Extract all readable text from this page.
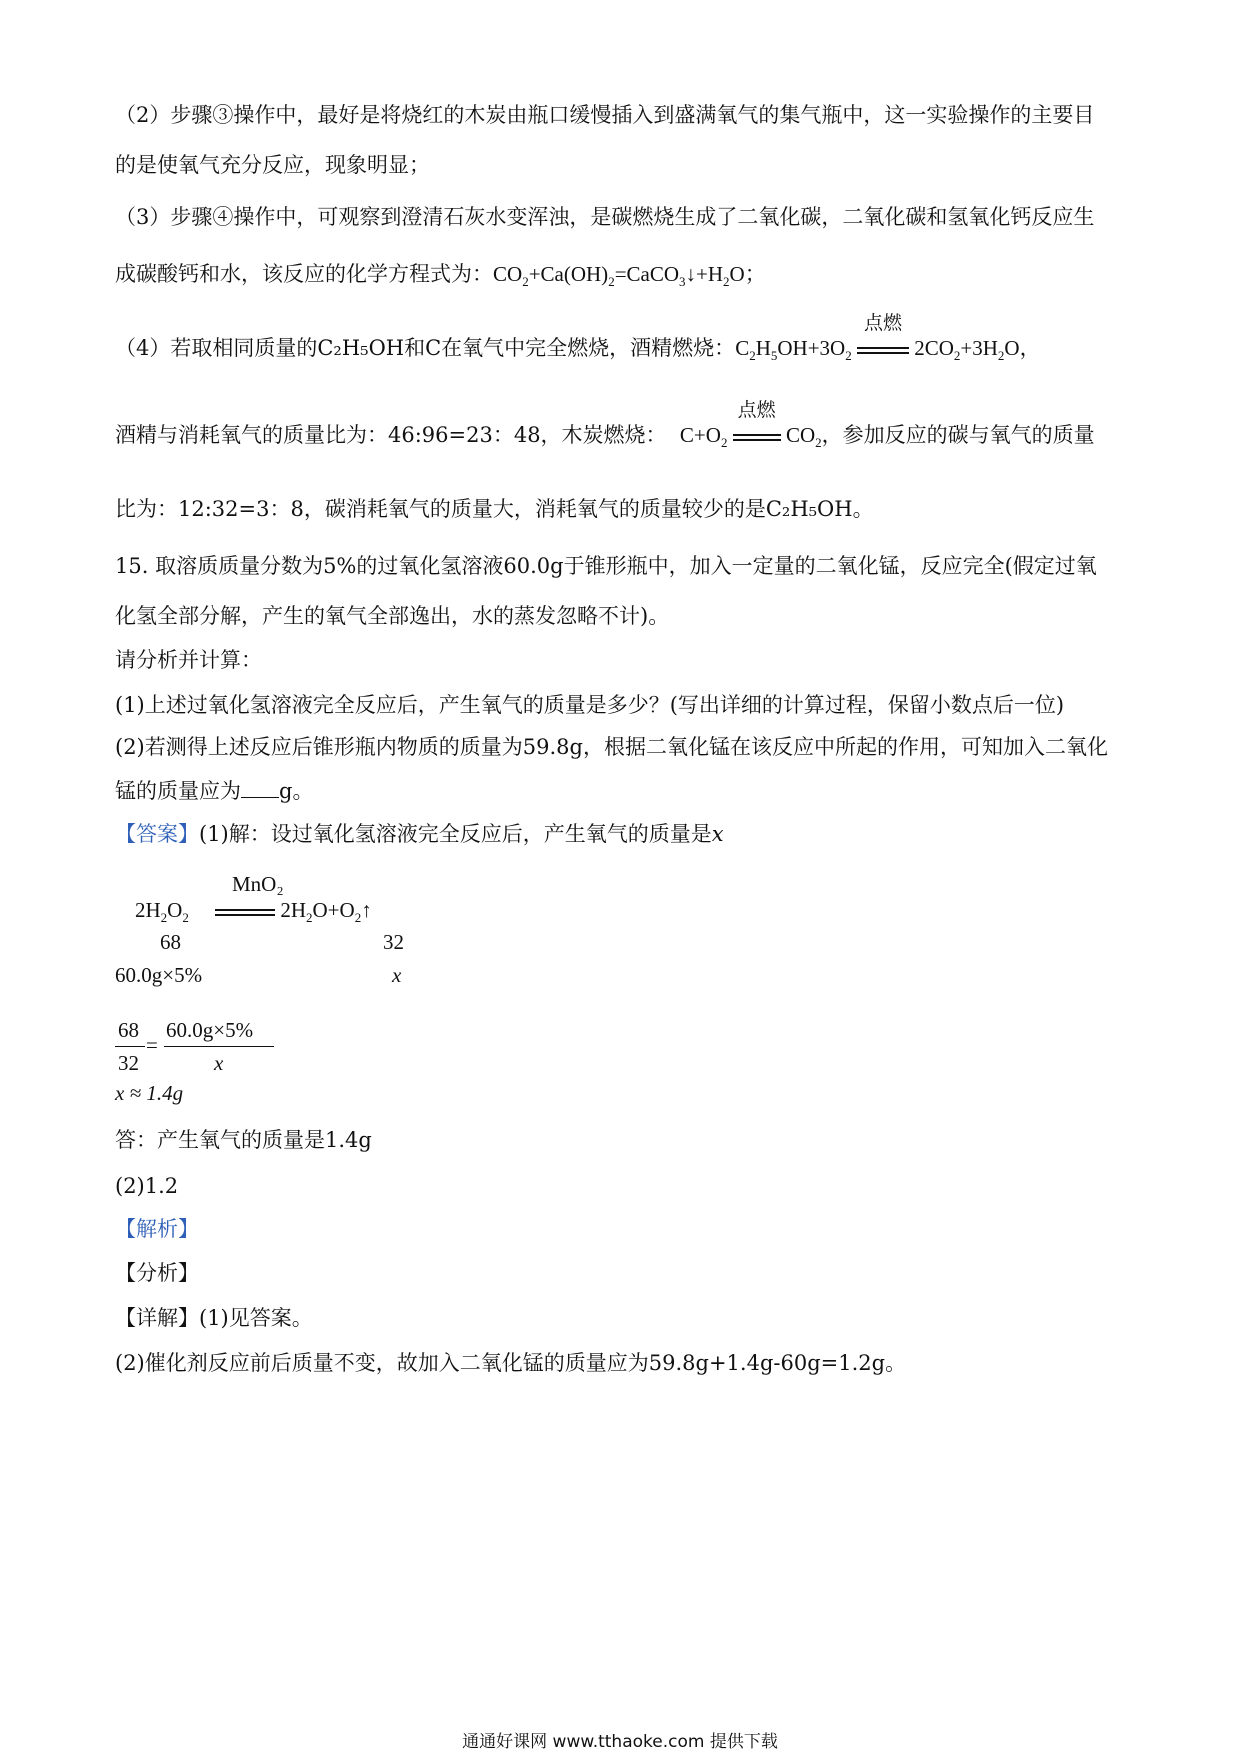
（2）步骤③操作中，最好是将烧红的木炭由瓶口缓慢插入到盛满氧气的集气瓶中，这一实验操作的主要目
的是使氧气充分反应，现象明显；
（3）步骤④操作中，可观察到澄清石灰水变浑浊，是碳燃烧生成了二氧化碳，二氧化碳和氢氧化钙反应生
成碳酸钙和水，该反应的化学方程式为：$CO_2+Ca(OH)_2=CaCO_3↓+H_2O$；
（4）若取相同质量的C₂H₅OH和C在氧气中完全燃烧，酒精燃烧：$C_2H_5OH+3O_2$
点燃
$2CO_2+3H_2O$，
酒精与消耗氧气的质量比为：46:96=23：48，木炭燃烧： $C+O_2$
点燃
$CO_2$，参加反应的碳与氧气的质量
比为：12:32=3：8，碳消耗氧气的质量大，消耗氧气的质量较少的是C₂H₅OH。
15. 取溶质质量分数为5%的过氧化氢溶液60.0g于锥形瓶中，加入一定量的二氧化锰，反应完全(假定过氧
化氢全部分解，产生的氧气全部逸出，水的蒸发忽略不计)。
请分析并计算：
(1)上述过氧化氢溶液完全反应后，产生氧气的质量是多少？(写出详细的计算过程，保留小数点后一位)
(2)若测得上述反应后锥形瓶内物质的质量为59.8g，根据二氧化锰在该反应中所起的作用，可知加入二氧化
锰的质量应为 g。
【答案】(1)解：设过氧化氢溶液完全反应后，产生氧气的质量是x
MnO₂
$2H_2O_2$	$2H_2O+O_2↑$
68	32
60.0g×5%	x
68
32
=
60.0g×5%
x
x ≈ 1.4g
答：产生氧气的质量是1.4g
(2)1.2
【解析】
【分析】
【详解】(1)见答案。
(2)催化剂反应前后质量不变，故加入二氧化锰的质量应为59.8g+1.4g-60g=1.2g。
通通好课网 www.tthaoke.com 提供下载
